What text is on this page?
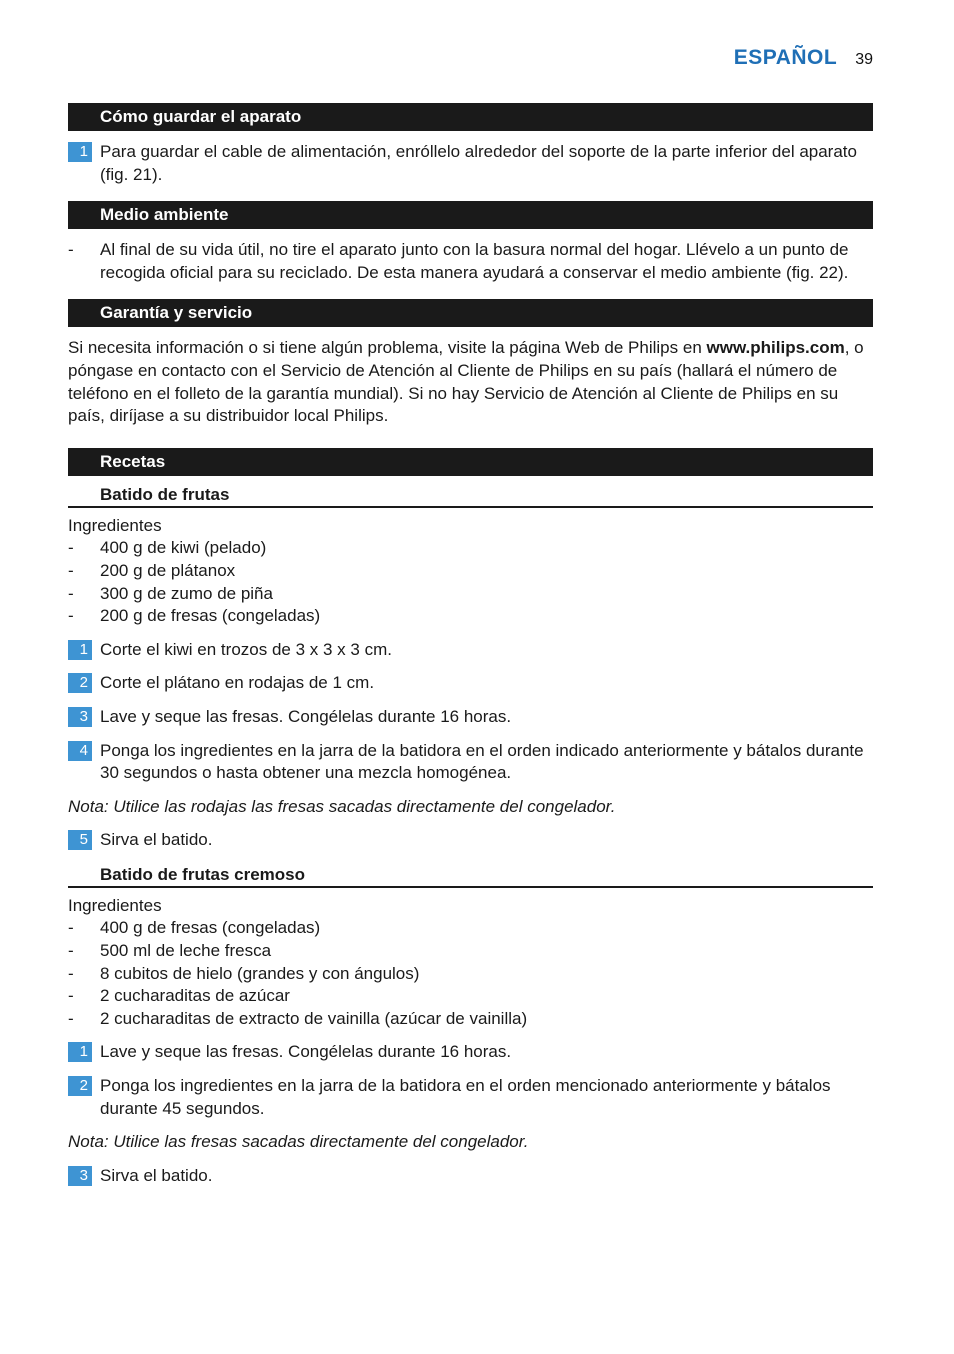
ESPAÑOL 39
Cómo guardar el aparato
1 Para guardar el cable de alimentación, enróllelo alrededor del soporte de la parte inferior del aparato (fig. 21).
Medio ambiente
- Al final de su vida útil, no tire el aparato junto con la basura normal del hogar. Llévelo a un punto de recogida oficial para su reciclado. De esta manera ayudará a conservar el medio ambiente (fig. 22).
Garantía y servicio
Si necesita información o si tiene algún problema, visite la página Web de Philips en www.philips.com, o póngase en contacto con el Servicio de Atención al Cliente de Philips en su país (hallará el número de teléfono en el folleto de la garantía mundial). Si no hay Servicio de Atención al Cliente de Philips en su país, diríjase a su distribuidor local Philips.
Recetas
Batido de frutas
Ingredientes
- 400 g de kiwi (pelado)
- 200 g de plátanox
- 300 g de zumo de piña
- 200 g de fresas (congeladas)
1 Corte el kiwi en trozos de 3 x 3 x 3 cm.
2 Corte el plátano en rodajas de 1 cm.
3 Lave y seque las fresas. Congélelas durante 16 horas.
4 Ponga los ingredientes en la jarra de la batidora en el orden indicado anteriormente y bátalos durante 30 segundos o hasta obtener una mezcla homogénea.
Nota: Utilice las rodajas las fresas sacadas directamente del congelador.
5 Sirva el batido.
Batido de frutas cremoso
Ingredientes
- 400 g de fresas (congeladas)
- 500 ml de leche fresca
- 8 cubitos de hielo (grandes y con ángulos)
- 2 cucharaditas de azúcar
- 2 cucharaditas de extracto de vainilla (azúcar de vainilla)
1 Lave y seque las fresas. Congélelas durante 16 horas.
2 Ponga los ingredientes en la jarra de la batidora en el orden mencionado anteriormente y bátalos durante 45 segundos.
Nota: Utilice las fresas sacadas directamente del congelador.
3 Sirva el batido.
